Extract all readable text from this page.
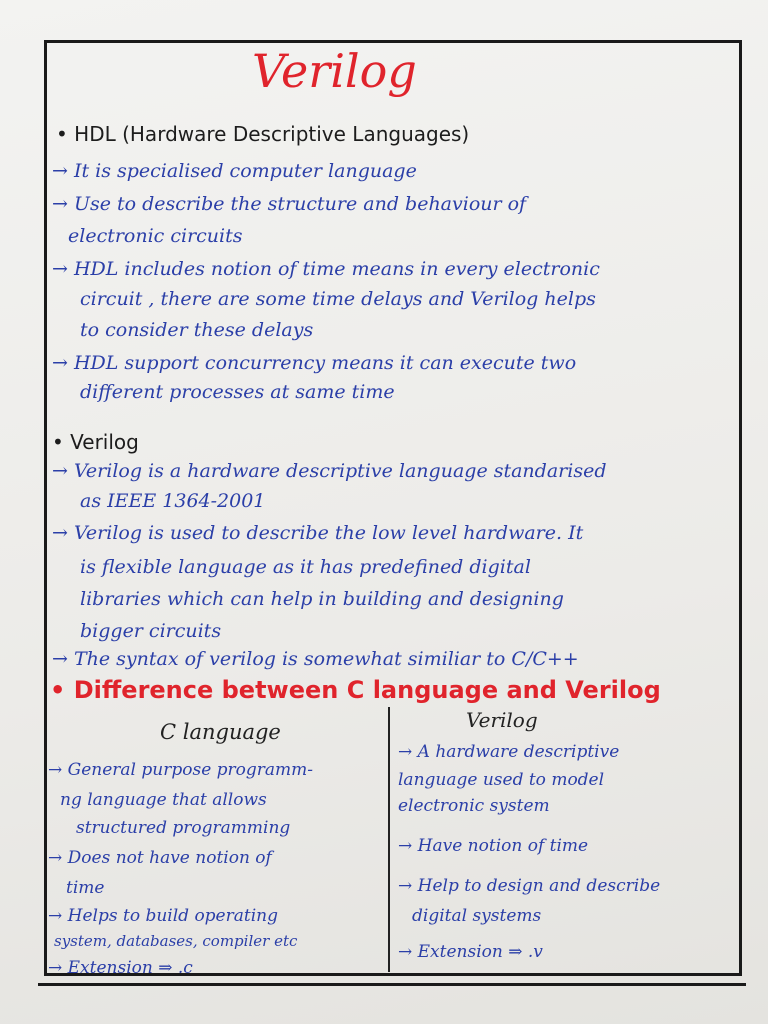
Verilog
• HDL (Hardware Descriptive Languages)
→ It is specialised computer language
→ Use to describe the structure and behaviour of
electronic circuits
→ HDL includes notion of time means in every electronic
circuit , there are some time delays and Verilog helps
to consider these delays
→ HDL support concurrency means it can execute two
different processes at same time
• Verilog
→ Verilog is a hardware descriptive language standarised
as IEEE 1364-2001
→ Verilog is used to describe the low level hardware. It
is flexible language as it has predefined digital
libraries which can help in building and designing
bigger circuits
→ The syntax of verilog is somewhat similiar to C/C++
• Difference between C language and Verilog
C language	Verilog
→ General purpose programm-
ng language that allows
structured programming
→ Does not have notion of
time
→ Helps to build operating
system, databases, compiler etc
→ Extension ⇒ .c
→ A hardware descriptive
language used to model
electronic system
→ Have notion of time
→ Help to design and describe
digital systems
→ Extension ⇒ .v
